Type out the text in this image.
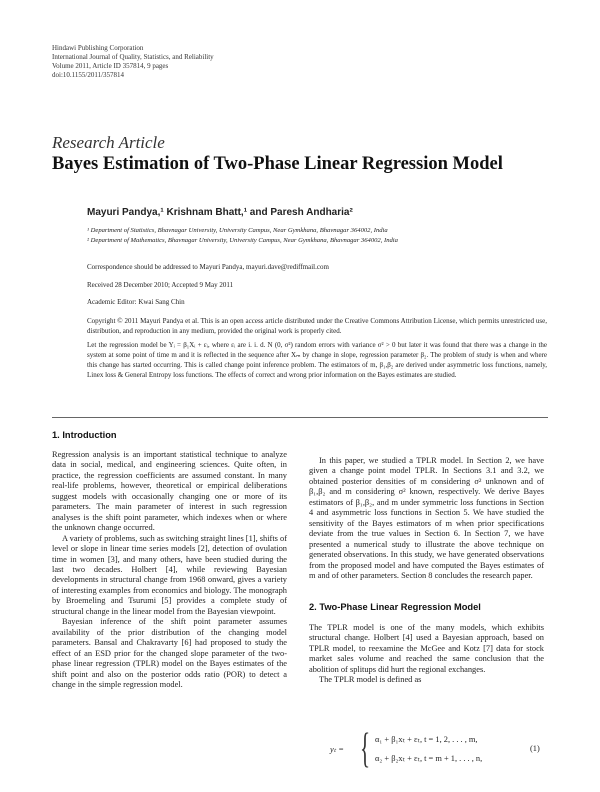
Hindawi Publishing Corporation
International Journal of Quality, Statistics, and Reliability
Volume 2011, Article ID 357814, 9 pages
doi:10.1155/2011/357814
Research Article
Bayes Estimation of Two-Phase Linear Regression Model
Mayuri Pandya,¹ Krishnam Bhatt,¹ and Paresh Andharia²
¹ Department of Statistics, Bhavnagar University, University Campus, Near Gymkhana, Bhavnagar 364002, India
² Department of Mathematics, Bhavnagar University, University Campus, Near Gymkhana, Bhavnagar 364002, India
Correspondence should be addressed to Mayuri Pandya, mayuri.dave@rediffmail.com
Received 28 December 2010; Accepted 9 May 2011
Academic Editor: Kwai Sang Chin
Copyright © 2011 Mayuri Pandya et al. This is an open access article distributed under the Creative Commons Attribution License, which permits unrestricted use, distribution, and reproduction in any medium, provided the original work is properly cited.
Let the regression model be Yᵢ = β₁Xᵢ + εᵢ, where εᵢ are i. i. d. N (0, σ²) random errors with variance σ² > 0 but later it was found that there was a change in the system at some point of time m and it is reflected in the sequence after Xₘ by change in slope, regression parameter β₂. The problem of study is when and where this change has started occurring. This is called change point inference problem. The estimators of m, β₁,β₂ are derived under asymmetric loss functions, namely, Linex loss & General Entropy loss functions. The effects of correct and wrong prior information on the Bayes estimates are studied.
1. Introduction

Regression analysis is an important statistical technique to analyze data in social, medical, and engineering sciences. Quite often, in practice, the regression coefficients are assumed constant. In many real-life problems, however, theoretical or empirical deliberations suggest models with occasionally changing one or more of its parameters. The main parameter of interest in such regression analyses is the shift point parameter, which indexes when or where the unknown change occurred.

A variety of problems, such as switching straight lines [1], shifts of level or slope in linear time series models [2], detection of ovulation time in women [3], and many others, have been studied during the last two decades. Holbert [4], while reviewing Bayesian developments in structural change from 1968 onward, gives a variety of interesting examples from economics and biology. The monograph by Broemeling and Tsurumi [5] provides a complete study of structural change in the linear model from the Bayesian viewpoint.

Bayesian inference of the shift point parameter assumes availability of the prior distribution of the changing model parameters. Bansal and Chakravarty [6] had proposed to study the effect of an ESD prior for the changed slope parameter of the two-phase linear regression (TPLR) model on the Bayes estimates of the shift point and also on the posterior odds ratio (POR) to detect a change in the simple regression model.

In this paper, we studied a TPLR model. In Section 2, we have given a change point model TPLR. In Sections 3.1 and 3.2, we obtained posterior densities of m considering σ² unknown and of β₁,β₂ and m considering σ² known, respectively. We derive Bayes estimators of β₁,β₂, and m under symmetric loss functions in Section 4 and asymmetric loss functions in Section 5. We have studied the sensitivity of the Bayes estimators of m when prior specifications deviate from the true values in Section 6. In Section 7, we have presented a numerical study to illustrate the above technique on generated observations. In this study, we have generated observations from the proposed model and have computed the Bayes estimates of m and of other parameters. Section 8 concludes the research paper.

2. Two-Phase Linear Regression Model

The TPLR model is one of the many models, which exhibits structural change. Holbert [4] used a Bayesian approach, based on TPLR model, to reexamine the McGee and Kotz [7] data for stock market sales volume and reached the same conclusion that the abolition of splitups did hurt the regional exchanges.

The TPLR model is defined as

yₜ = { α₁ + β₁xₜ + εₜ, t = 1, 2, . . . , m,
α₂ + β₂xₜ + εₜ, t = m + 1, . . . , n,
(1)
